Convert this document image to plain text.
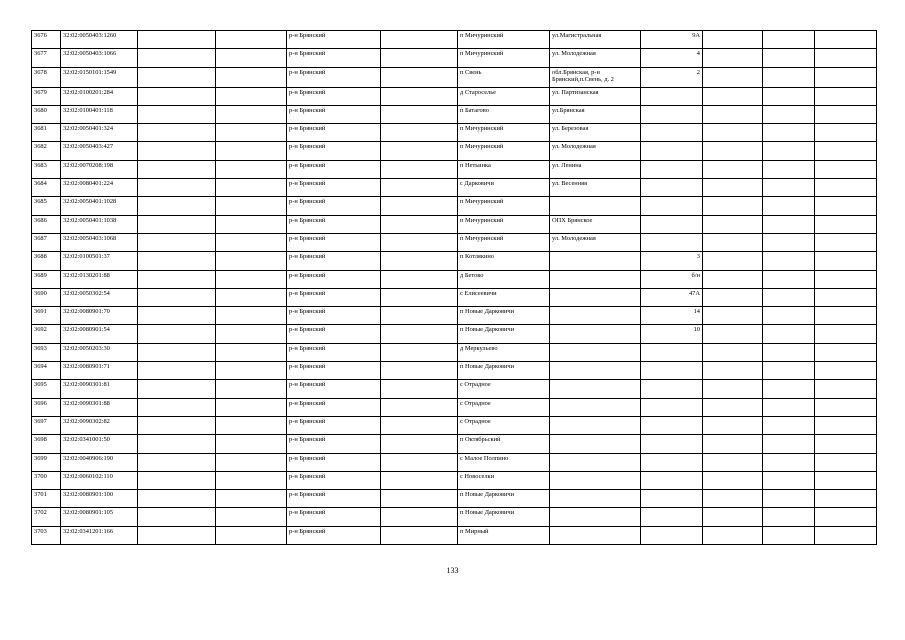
3676	32:02:0050403:1260			р-н Брянский		п Мичуринский	ул.Магистральная	9А			
3677	32:02:0050403:1066			р-н Брянский		п Мичуринский	ул. Молодежная	4			
3678	32:02:0150101:1549			р-н Брянский		п Свень	обл.Брянская, р-н Брянский,п.Свень, д. 2	2			
3679	32:02:0100201:284			р-н Брянский		д Староселье	ул. Партизанская				
3680	32:02:0100401:118			р-н Брянский		п Батагово	ул.Брянская				
3681	32:02:0050401:324			р-н Брянский		п Мичуринский	ул. Березовая				
3682	32:02:0050403:427			р-н Брянский		п Мичуринский	ул. Молодежная				
3683	32:02:0070208:198			р-н Брянский		п Нетьинка	ул. Ленина				
3684	32:02:0080401:224			р-н Брянский		с Дарковичи	ул. Весенняя				
3685	32:02:0050401:1028			р-н Брянский		п Мичуринский					
3686	32:02:0050401:1038			р-н Брянский		п Мичуринский	ОПХ Брянское				
3687	32:02:0050403:1068			р-н Брянский		п Мичуринский	ул. Молодежная				
3688	32:02:0100501:37			р-н Брянский		п Котлякино		3			
3689	32:02:0130201:88			р-н Брянский		д Бетово		б/н			
3690	32:02:0050302:54			р-н Брянский		с Елисеевичи		47А			
3691	32:02:0080901:70			р-н Брянский		п Новые Дарковичи		14			
3692	32:02:0080901:54			р-н Брянский		п Новые Дарковичи		10			
3693	32:02:0050203:30			р-н Брянский		д Меркульево					
3694	32:02:0080901:71			р-н Брянский		п Новые Дарковичи					
3695	32:02:0090301:81			р-н Брянский		с Отрадное					
3696	32:02:0090301:88			р-н Брянский		с Отрадное					
3697	32:02:0090302:82			р-н Брянский		с Отрадное					
3698	32:02:0341001:50			р-н Брянский		п Октябрьский					
3699	32:02:0040906:190			р-н Брянский		с Малое Полпино					
3700	32:02:0060102:110			р-н Брянский		с Новоселки					
3701	32:02:0080901:100			р-н Брянский		п Новые Дарковичи					
3702	32:02:0080901:105			р-н Брянский		п Новые Дарковичи					
3703	32:02:0341201:166			р-н Брянский		п Мирный					
133
